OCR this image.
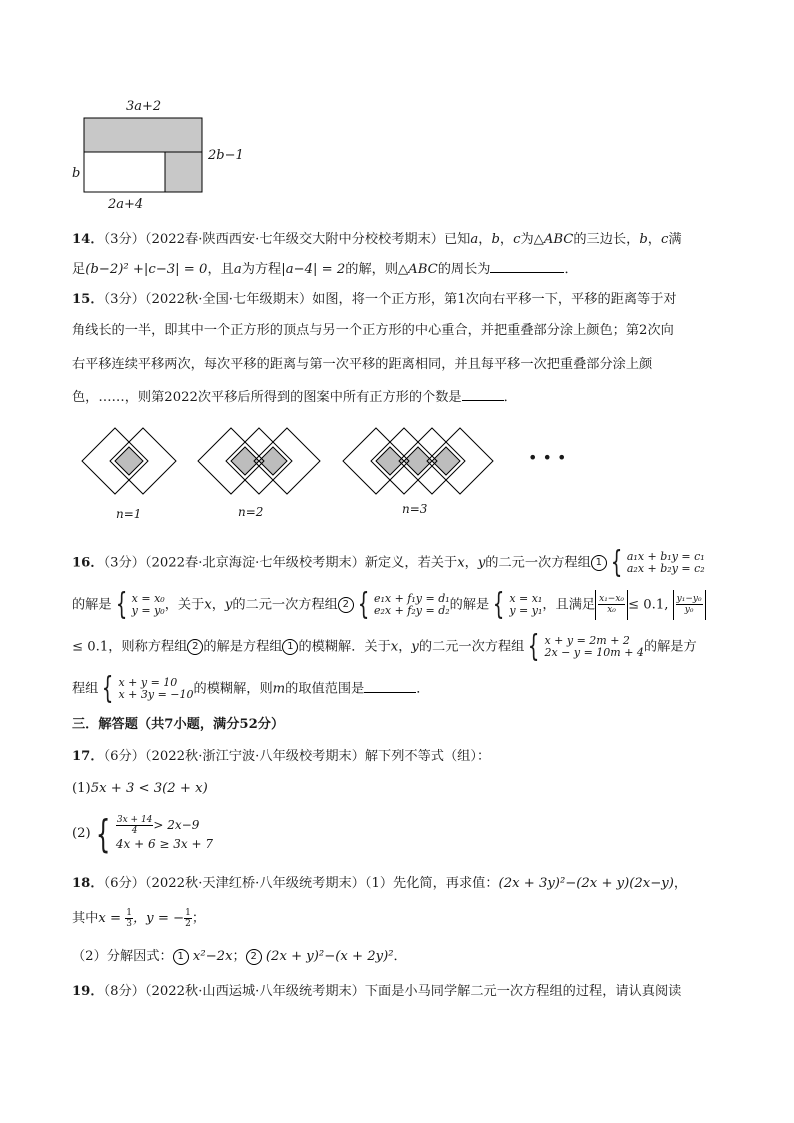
3a+2
b
2b−1
2a+4
14．（3分）（2022春·陕西西安·七年级交大附中分校校考期末）已知a，b，c为△ABC的三边长，b，c满
足(b−2)² +|c−3| = 0，且a为方程|a−4| = 2的解，则△ABC的周长为	．
15．（3分）（2022秋·全国·七年级期末）如图，将一个正方形，第1次向右平移一下，平移的距离等于对
角线长的一半，即其中一个正方形的顶点与另一个正方形的中心重合，并把重叠部分涂上颜色；第2次向
右平移连续平移两次，每次平移的距离与第一次平移的距离相同，并且每平移一次把重叠部分涂上颜
色，……，则第2022次平移后所得到的图案中所有正方形的个数是	．
• • •
n=1	n=2	n=3
16．（3分）（2022春·北京海淀·七年级校考期末）新定义，若关于x，y的二元一次方程组 1 { a₁x + b₁y = c₁
a₂x + b₂y = c₂
的解是 { x = x₀
y = y₀ ，关于x，y的二元一次方程组 2 { e₁x + f₁y = d₁
e₂x + f₂y = d₂ 的解是 { x = x₁
y = y₁ ，且满足 $\frac{\text{x₁−x₀}}{\text{x₀}} \le 0.1$, $\frac{\text{y₁−y₀}}{\text{y₀}}$
≤ 0.1，则称方程组 2 的解是方程组 1 的模糊解．关于x，y的二元一次方程组 { x + y = 2m + 2
2x − y = 10m + 4 的解是方
程组 { x + y = 10
x + 3y = −10 的模糊解，则m的取值范围是	．
三．解答题（共7小题，满分52分）
17．（6分）（2022秋·浙江宁波·八年级校考期末）解下列不等式（组）：
(1)5x + 3 < 3(2 + x)
(2) { $\frac{3x + 14}{4} > 2x-9$
4x + 6 ≥ 3x + 7
18．（6分）（2022秋·天津红桥·八年级统考期末）（1）先化简，再求值：(2x + 3y)²−(2x + y)(2x−y)，
其中$x = \frac{1}{3}$ ，y = − $\frac{1}{2}$ ；
（2）分解因式： 1 x²−2x； 2 (2x + y)²−(x + 2y)²．
19．（8分）（2022秋·山西运城·八年级统考期末）下面是小马同学解二元一次方程组的过程，请认真阅读
